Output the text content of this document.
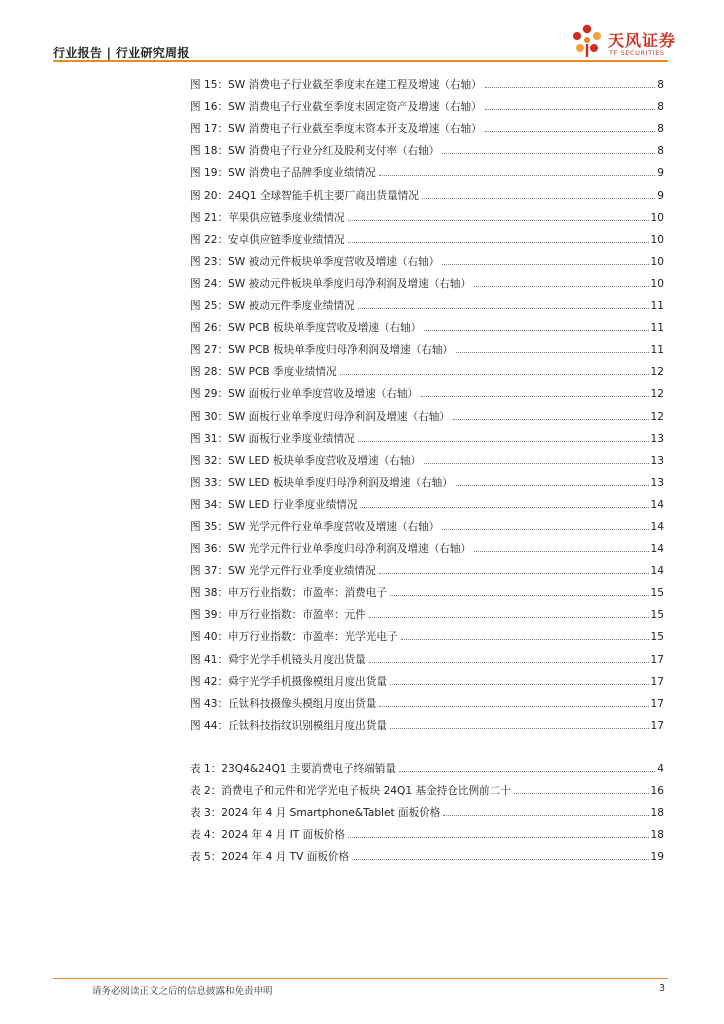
行业报告 | 行业研究周报
天风证券
TF SECURITIES
图 15：SW 消费电子行业截至季度末在建工程及增速（右轴）	8
图 16：SW 消费电子行业截至季度末固定资产及增速（右轴）	8
图 17：SW 消费电子行业截至季度末资本开支及增速（右轴）	8
图 18：SW 消费电子行业分红及股利支付率（右轴）	8
图 19：SW 消费电子品牌季度业绩情况	9
图 20：24Q1 全球智能手机主要厂商出货量情况	9
图 21：苹果供应链季度业绩情况	10
图 22：安卓供应链季度业绩情况	10
图 23：SW 被动元件板块单季度营收及增速（右轴）	10
图 24：SW 被动元件板块单季度归母净利润及增速（右轴）	10
图 25：SW 被动元件季度业绩情况	11
图 26：SW PCB 板块单季度营收及增速（右轴）	11
图 27：SW PCB 板块单季度归母净利润及增速（右轴）	11
图 28：SW PCB 季度业绩情况	12
图 29：SW 面板行业单季度营收及增速（右轴）	12
图 30：SW 面板行业单季度归母净利润及增速（右轴）	12
图 31：SW 面板行业季度业绩情况	13
图 32：SW LED 板块单季度营收及增速（右轴）	13
图 33：SW LED 板块单季度归母净利润及增速（右轴）	13
图 34：SW LED 行业季度业绩情况	14
图 35：SW 光学元件行业单季度营收及增速（右轴）	14
图 36：SW 光学元件行业单季度归母净利润及增速（右轴）	14
图 37：SW 光学元件行业季度业绩情况	14
图 38：申万行业指数：市盈率：消费电子	15
图 39：申万行业指数：市盈率：元件	15
图 40：申万行业指数：市盈率：光学光电子	15
图 41：舜宇光学手机镜头月度出货量	17
图 42：舜宇光学手机摄像模组月度出货量	17
图 43：丘钛科技摄像头模组月度出货量	17
图 44：丘钛科技指纹识别模组月度出货量	17
表 1：23Q4&24Q1 主要消费电子终端销量	4
表 2：消费电子和元件和光学光电子板块 24Q1 基金持仓比例前二十	16
表 3：2024 年 4 月 Smartphone&Tablet 面板价格	18
表 4：2024 年 4 月 IT 面板价格	18
表 5：2024 年 4 月 TV 面板价格	19
请务必阅读正文之后的信息披露和免责申明	3
